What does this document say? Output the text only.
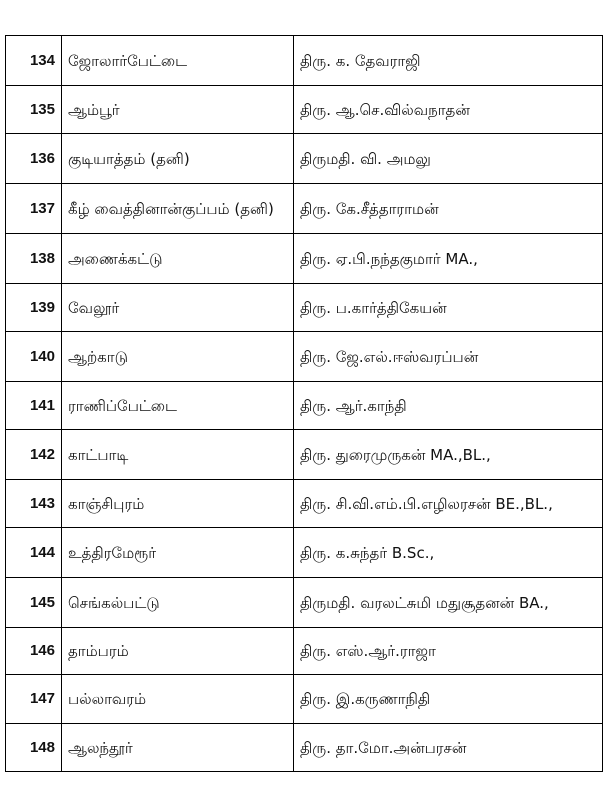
134	ஜோலார்பேட்டை	திரு. க. தேவராஜி
135	ஆம்பூர்	திரு. ஆ.செ.வில்வநாதன்
136	குடியாத்தம் (தனி)	திருமதி. வி. அமலு
137	கீழ் வைத்தினான்குப்பம் (தனி)	திரு. கே.சீத்தாராமன்
138	அணைக்கட்டு	திரு. ஏ.பி.நந்தகுமார் MA.,
139	வேலூர்	திரு. ப.கார்த்திகேயன்
140	ஆற்காடு	திரு. ஜே.எல்.ஈஸ்வரப்பன்
141	ராணிப்பேட்டை	திரு. ஆர்.காந்தி
142	காட்பாடி	திரு. துரைமுருகன் MA.,BL.,
143	காஞ்சிபுரம்	திரு. சி.வி.எம்.பி.எழிலரசன் BE.,BL.,
144	உத்திரமேரூர்	திரு. க.சுந்தர் B.Sc.,
145	செங்கல்பட்டு	திருமதி. வரலட்சுமி மதுசூதனன் BA.,
146	தாம்பரம்	திரு. எஸ்.ஆர்.ராஜா
147	பல்லாவரம்	திரு. இ.கருணாநிதி
148	ஆலந்தூர்	திரு. தா.மோ.அன்பரசன்
